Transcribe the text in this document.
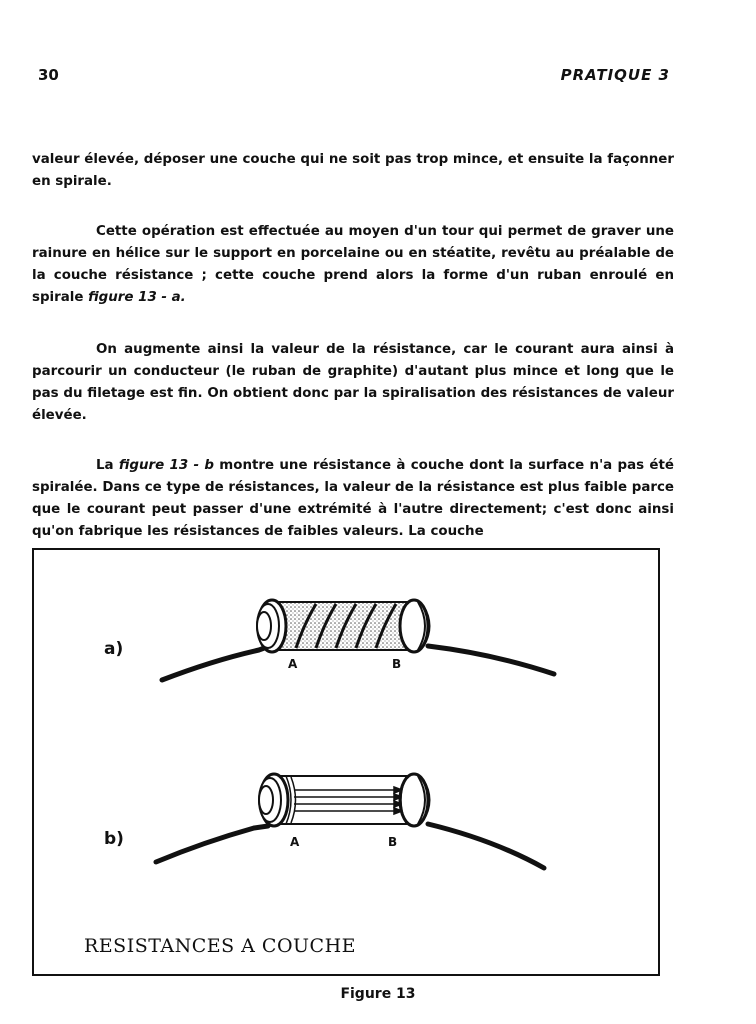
30	PRATIQUE 3

valeur élevée, déposer une couche qui ne soit pas trop mince, et ensuite la façonner en spirale.

Cette opération est effectuée au moyen d'un tour qui permet de graver une rainure en hélice sur le support en porcelaine ou en stéatite, revêtu au préalable de la couche résistance ; cette couche prend alors la forme d'un ruban enroulé en spirale figure 13 - a.

On augmente ainsi la valeur de la résistance, car le courant aura ainsi à parcourir un conducteur (le ruban de graphite) d'autant plus mince et long que le pas du filetage est fin. On obtient donc par la spiralisation des résistances de valeur élevée.

La figure 13 - b montre une résistance à couche dont la surface n'a pas été spiralée. Dans ce type de résistances, la valeur de la résistance est plus faible parce que le courant peut passer d'une extrémité à l'autre directement; c'est donc ainsi qu'on fabrique les résistances de faibles valeurs. La couche

a)
A	B
b)	A	B
RESISTANCES A COUCHE
Figure 13
